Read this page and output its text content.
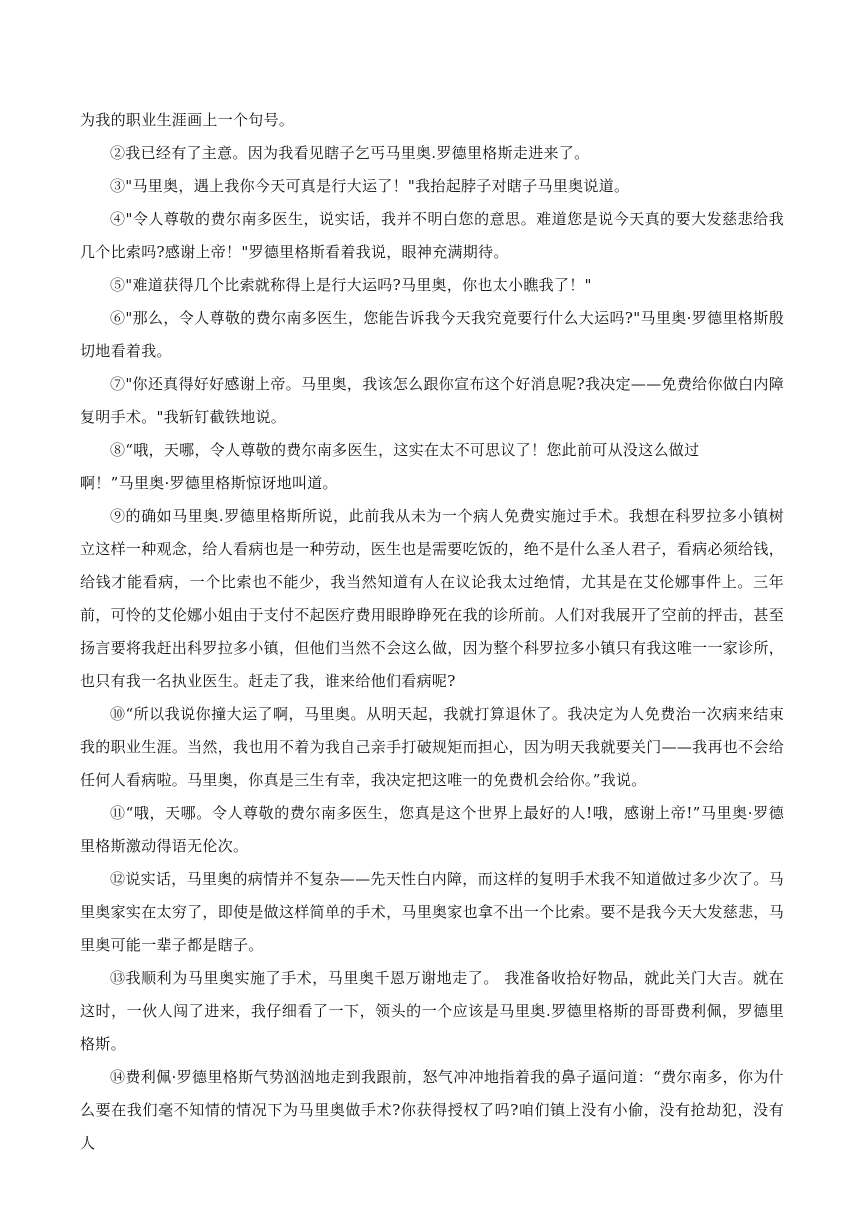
为我的职业生涯画上一个句号。

②我已经有了主意。因为我看见瞎子乞丐马里奥.罗德里格斯走进来了。

③"马里奥，遇上我你今天可真是行大运了！"我抬起脖子对瞎子马里奥说道。

④"令人尊敬的费尔南多医生，说实话，我并不明白您的意思。难道您是说今天真的要大发慈悲给我几个比索吗?感谢上帝！"罗德里格斯看着我说，眼神充满期待。

⑤"难道获得几个比索就称得上是行大运吗?马里奥，你也太小瞧我了！"

⑥"那么，令人尊敬的费尔南多医生，您能告诉我今天我究竟要行什么大运吗?"马里奥·罗德里格斯殷切地看着我。

⑦"你还真得好好感谢上帝。马里奥，我该怎么跟你宣布这个好消息呢?我决定——免费给你做白内障复明手术。"我斩钉截铁地说。

⑧“哦，天哪，令人尊敬的费尔南多医生，这实在太不可思议了！您此前可从没这么做过

啊！”马里奥·罗德里格斯惊讶地叫道。

⑨的确如马里奥.罗德里格斯所说，此前我从未为一个病人免费实施过手术。我想在科罗拉多小镇树立这样一种观念，给人看病也是一种劳动，医生也是需要吃饭的，绝不是什么圣人君子，看病必须给钱，给钱才能看病，一个比索也不能少，我当然知道有人在议论我太过绝情，尤其是在艾伦娜事件上。三年前，可怜的艾伦娜小姐由于支付不起医疗费用眼睁睁死在我的诊所前。人们对我展开了空前的抨击，甚至扬言要将我赶出科罗拉多小镇，但他们当然不会这么做，因为整个科罗拉多小镇只有我这唯一一家诊所，也只有我一名执业医生。赶走了我，谁来给他们看病呢?

⑩“所以我说你撞大运了啊，马里奥。从明天起，我就打算退休了。我决定为人免费治一次病来结束我的职业生涯。当然，我也用不着为我自己亲手打破规矩而担心，因为明天我就要关门——我再也不会给任何人看病啦。马里奥，你真是三生有幸，我决定把这唯一的免费机会给你。”我说。

⑪“哦，天哪。令人尊敬的费尔南多医生，您真是这个世界上最好的人!哦，感谢上帝!”马里奥·罗德里格斯激动得语无伦次。

⑫说实话，马里奥的病情并不复杂——先天性白内障，而这样的复明手术我不知道做过多少次了。马里奥家实在太穷了，即使是做这样简单的手术，马里奥家也拿不出一个比索。要不是我今天大发慈悲，马里奥可能一辈子都是瞎子。

⑬我顺利为马里奥实施了手术，马里奥千恩万谢地走了。 我准备收拾好物品，就此关门大吉。就在这时，一伙人闯了进来，我仔细看了一下，领头的一个应该是马里奥.罗德里格斯的哥哥费利佩，罗德里格斯。

⑭费利佩·罗德里格斯气势汹汹地走到我跟前，怒气冲冲地指着我的鼻子逼问道：“费尔南多，你为什么要在我们毫不知情的情况下为马里奥做手术?你获得授权了吗?咱们镇上没有小偷，没有抢劫犯，没有人
